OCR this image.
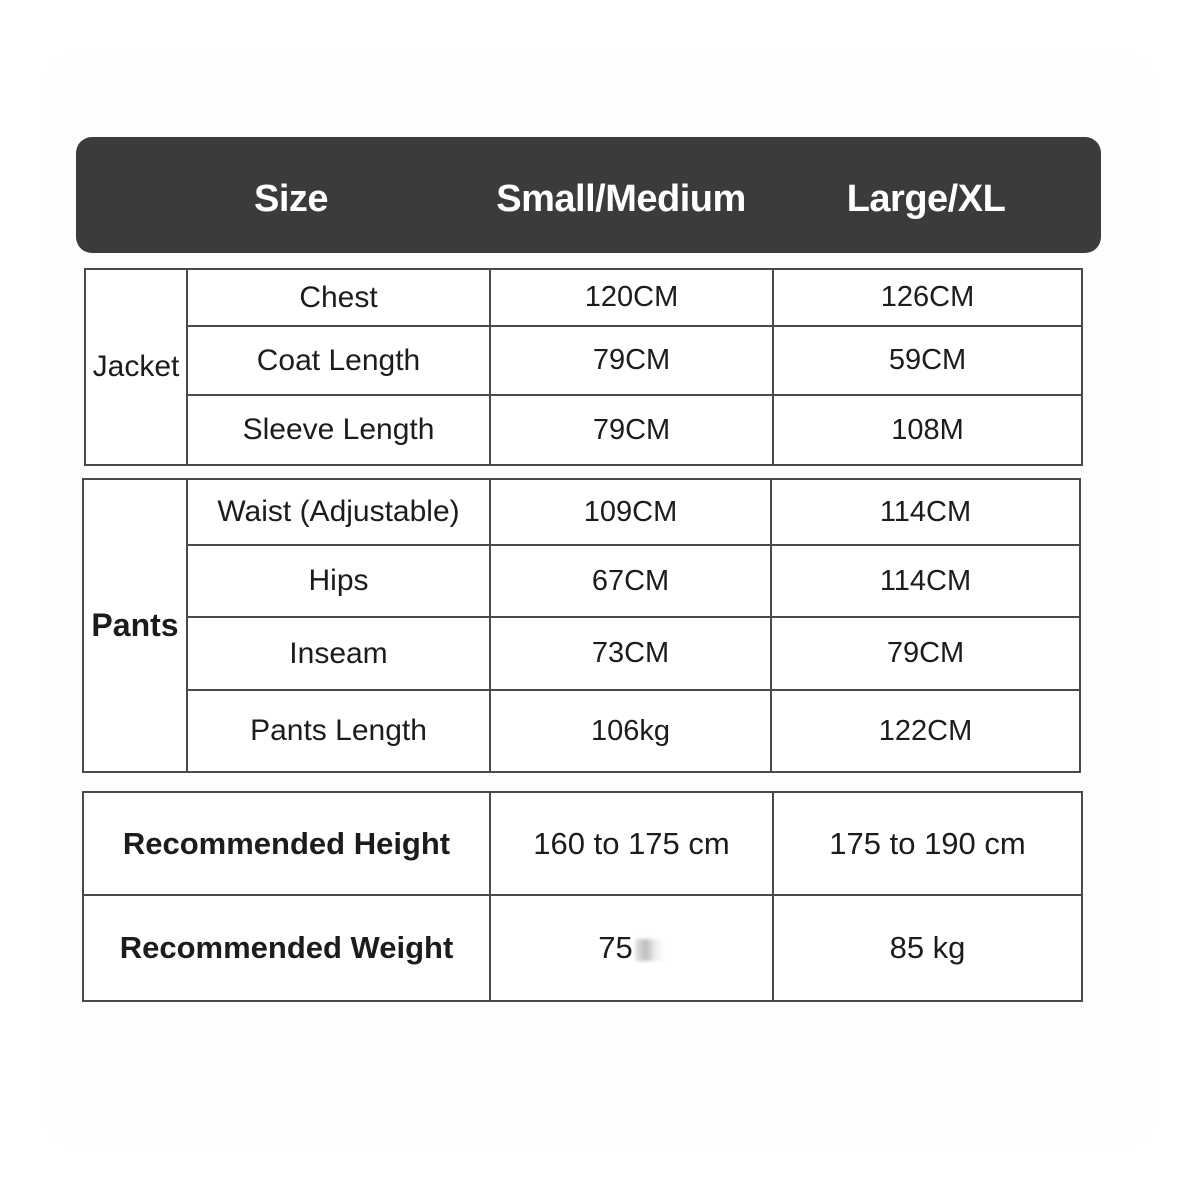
Size	Small/Medium	Large/XL
Jacket	Chest	120CM	126CM
	Coat Length	79CM	59CM
	Sleeve Length	79CM	108M
Pants	Waist (Adjustable)	109CM	114CM
	Hips	67CM	114CM
	Inseam	73CM	79CM
	Pants Length	106kg	122CM
Recommended Height	160 to 175 cm	175 to 190 cm
Recommended Weight	75	85 kg
